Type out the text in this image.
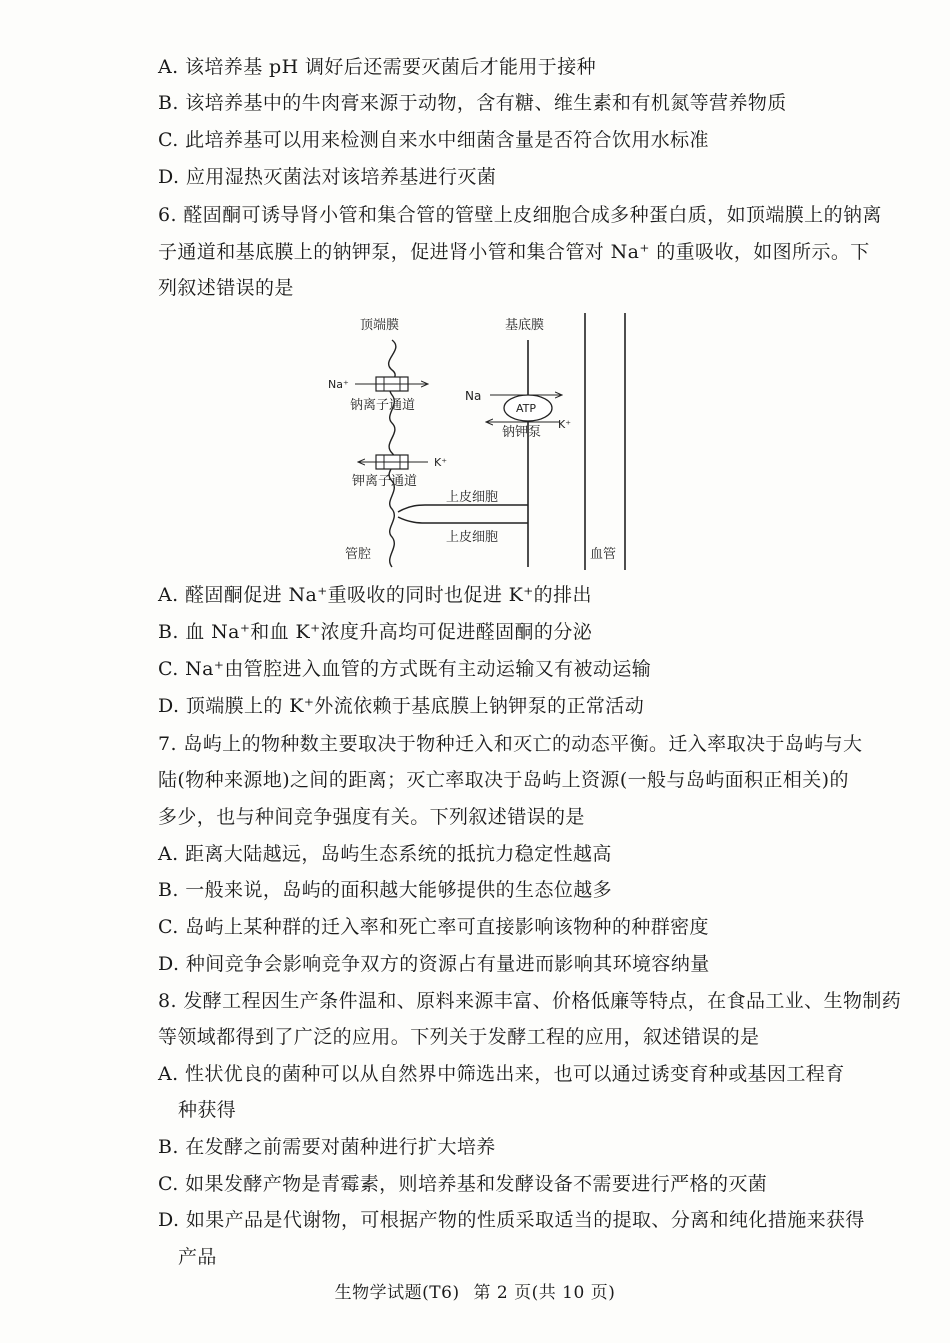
A. 该培养基 pH 调好后还需要灭菌后才能用于接种
B. 该培养基中的牛肉膏来源于动物，含有糖、维生素和有机氮等营养物质
C. 此培养基可以用来检测自来水中细菌含量是否符合饮用水标准
D. 应用湿热灭菌法对该培养基进行灭菌
6. 醛固酮可诱导肾小管和集合管的管壁上皮细胞合成多种蛋白质，如顶端膜上的钠离
子通道和基底膜上的钠钾泵，促进肾小管和集合管对 Na⁺ 的重吸收，如图所示。下
列叙述错误的是
顶端膜	基底膜
Na⁺
钠离子通道
Na
ATP
K⁺
钠钾泵
K⁺
钾离子通道
上皮细胞
上皮细胞
管腔	血管
A. 醛固酮促进 Na⁺重吸收的同时也促进 K⁺的排出
B. 血 Na⁺和血 K⁺浓度升高均可促进醛固酮的分泌
C. Na⁺由管腔进入血管的方式既有主动运输又有被动运输
D. 顶端膜上的 K⁺外流依赖于基底膜上钠钾泵的正常活动
7. 岛屿上的物种数主要取决于物种迁入和灭亡的动态平衡。迁入率取决于岛屿与大
陆(物种来源地)之间的距离；灭亡率取决于岛屿上资源(一般与岛屿面积正相关)的
多少，也与种间竞争强度有关。下列叙述错误的是
A. 距离大陆越远，岛屿生态系统的抵抗力稳定性越高
B. 一般来说，岛屿的面积越大能够提供的生态位越多
C. 岛屿上某种群的迁入率和死亡率可直接影响该物种的种群密度
D. 种间竞争会影响竞争双方的资源占有量进而影响其环境容纳量
8. 发酵工程因生产条件温和、原料来源丰富、价格低廉等特点，在食品工业、生物制药
等领域都得到了广泛的应用。下列关于发酵工程的应用，叙述错误的是
A. 性状优良的菌种可以从自然界中筛选出来，也可以通过诱变育种或基因工程育
种获得
B. 在发酵之前需要对菌种进行扩大培养
C. 如果发酵产物是青霉素，则培养基和发酵设备不需要进行严格的灭菌
D. 如果产品是代谢物，可根据产物的性质采取适当的提取、分离和纯化措施来获得
产品
生物学试题(T6) 第 2 页(共 10 页)
